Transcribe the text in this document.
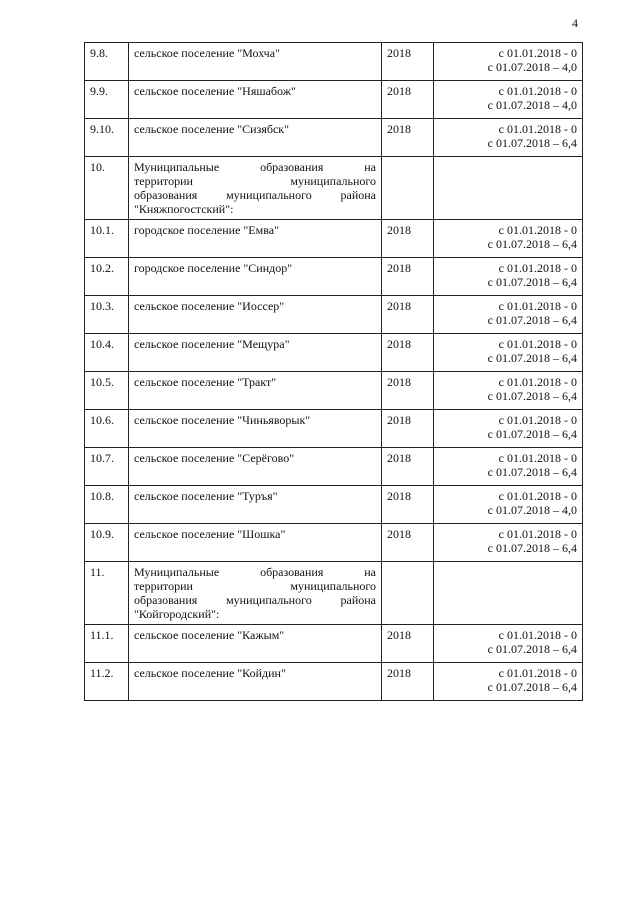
4
9.8.	сельское поселение "Мохча"	2018	с 01.01.2018 - 0
с 01.07.2018 – 4,0

9.9.	сельское поселение "Няшабож"	2018	с 01.01.2018 - 0
с 01.07.2018 – 4,0

9.10.	сельское поселение "Сизябск"	2018	с 01.01.2018 - 0
с 01.07.2018 – 6,4

10.	Муниципальные образования на
территории муниципального
образования муниципального района
"Княжпогостский":		

10.1.	городское поселение "Емва"	2018	с 01.01.2018 - 0
с 01.07.2018 – 6,4

10.2.	городское поселение "Синдор"	2018	с 01.01.2018 - 0
с 01.07.2018 – 6,4

10.3.	сельское поселение "Иоссер"	2018	с 01.01.2018 - 0
с 01.07.2018 – 6,4

10.4.	сельское поселение "Мещура"	2018	с 01.01.2018 - 0
с 01.07.2018 – 6,4

10.5.	сельское поселение "Тракт"	2018	с 01.01.2018 - 0
с 01.07.2018 – 6,4

10.6.	сельское поселение "Чиньяворык"	2018	с 01.01.2018 - 0
с 01.07.2018 – 6,4

10.7.	сельское поселение "Серёгово"	2018	с 01.01.2018 - 0
с 01.07.2018 – 6,4

10.8.	сельское поселение "Туръя"	2018	с 01.01.2018 - 0
с 01.07.2018 – 4,0

10.9.	сельское поселение "Шошка"	2018	с 01.01.2018 - 0
с 01.07.2018 – 6,4

11.	Муниципальные образования на
территории муниципального
образования муниципального района
"Койгородский":		

11.1.	сельское поселение "Кажым"	2018	с 01.01.2018 - 0
с 01.07.2018 – 6,4

11.2.	сельское поселение "Койдин"	2018	с 01.01.2018 - 0
с 01.07.2018 – 6,4
